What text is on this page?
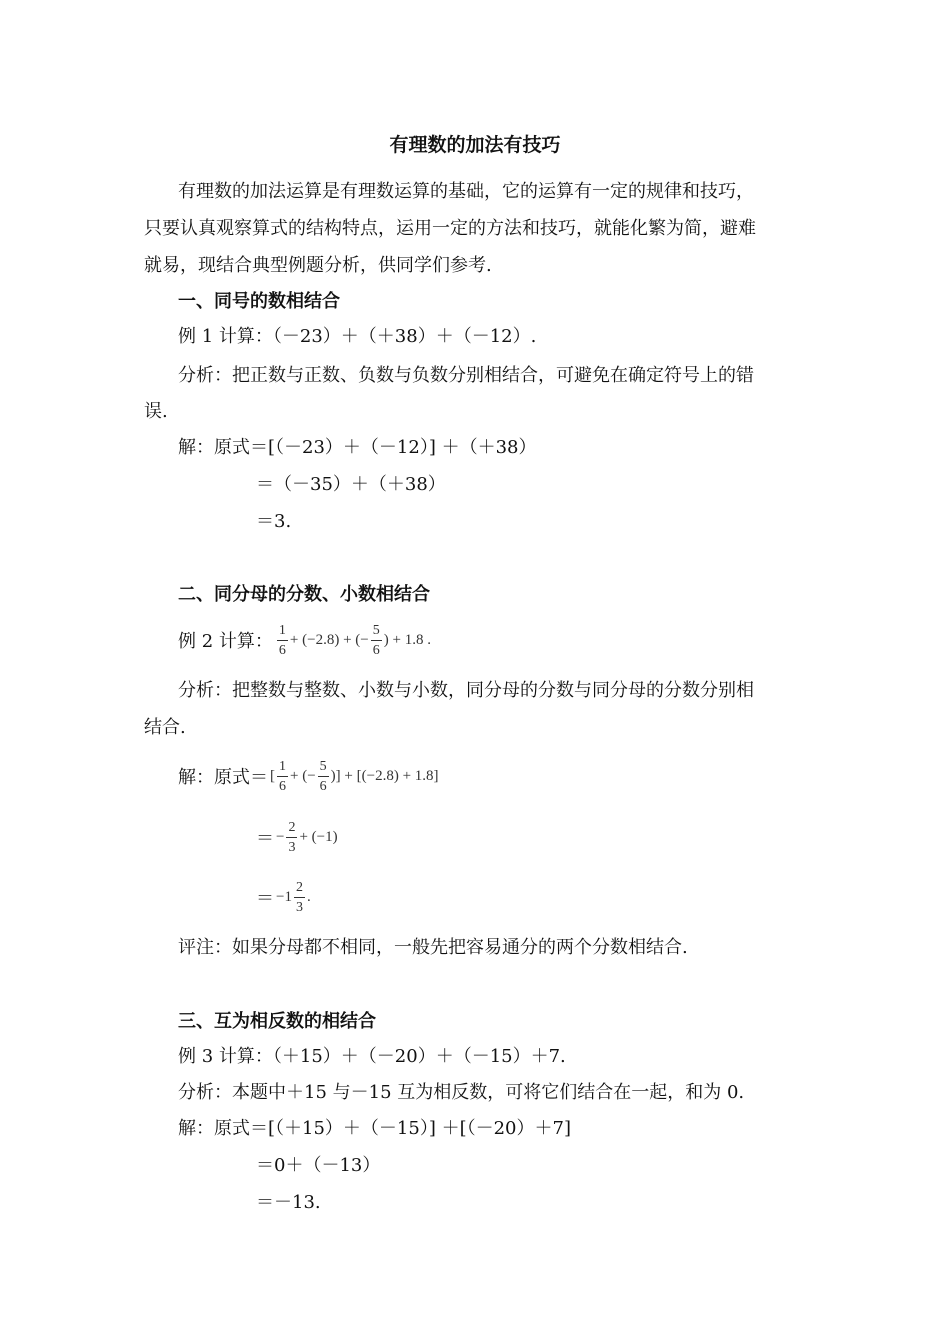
有理数的加法有技巧
有理数的加法运算是有理数运算的基础，它的运算有一定的规律和技巧，
只要认真观察算式的结构特点，运用一定的方法和技巧，就能化繁为简，避难
就易，现结合典型例题分析，供同学们参考.
一、同号的数相结合
例 1 计算：（－23）＋（＋38）＋（－12）.
分析：把正数与正数、负数与负数分别相结合，可避免在确定符号上的错
误.
解：原式＝[（－23）＋（－12）] ＋（＋38）
＝（－35）＋（＋38）
＝3.
二、同分母的分数、小数相结合
例 2 计算： $\frac{1}{6} + (-2.8)$ + (− $\frac{5}{6}$ ) + 1.8 .
分析：把整数与整数、小数与小数，同分母的分数与同分母的分数分别相
结合.
解：原式＝ [ $\frac{1}{6}$ + (− $\frac{5}{6}$ )] + [(−2.8) + 1.8]
＝ − $\frac{2}{3} + (-1)$
＝ $-1 \frac{2}{3}$ .
评注：如果分母都不相同，一般先把容易通分的两个分数相结合.
三、互为相反数的相结合
例 3 计算：（＋15）＋（－20）＋（－15）＋7.
分析：本题中＋15 与－15 互为相反数，可将它们结合在一起，和为 0.
解：原式＝[（＋15）＋（－15）] ＋[（－20）＋7]
＝0＋（－13）
＝－13.
